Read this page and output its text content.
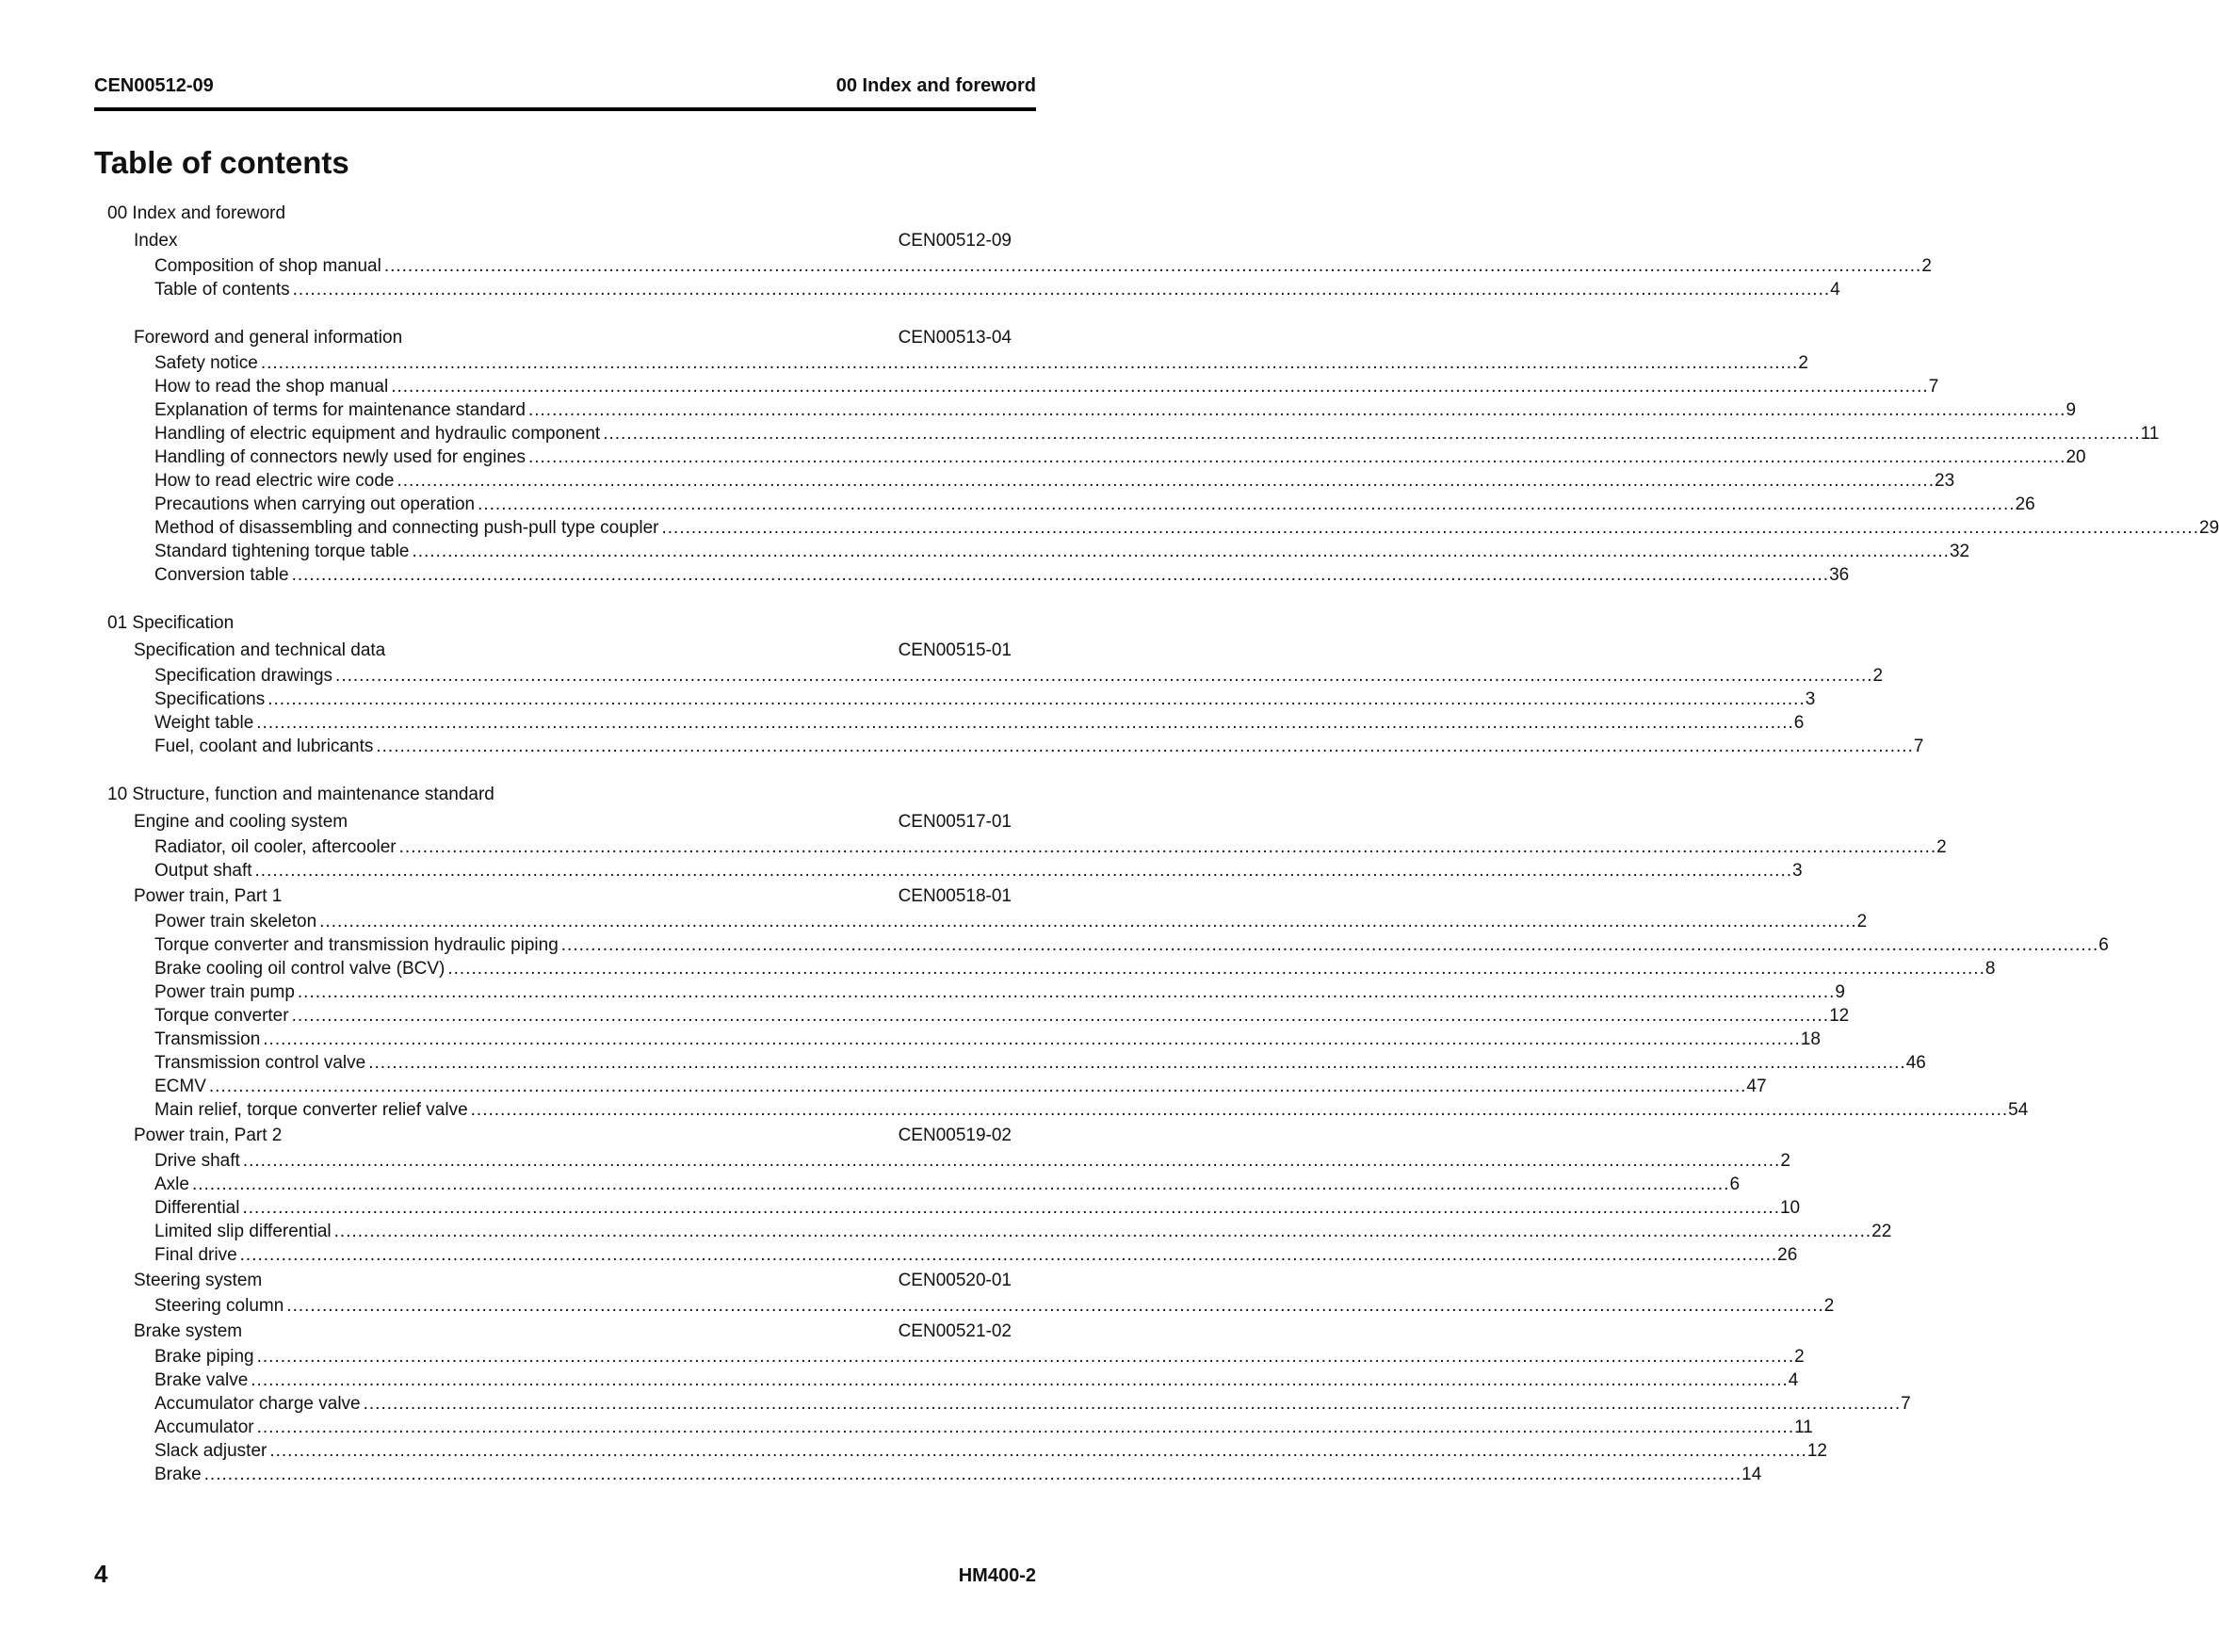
CEN00512-09	00 Index and foreword
Table of contents
00 Index and foreword
Index	CEN00512-09
Composition of shop manual .................................................................................................................................................................................................................................................................... 2
Table of contents .................................................................................................................................................................................................................................................................... 4
Foreword and general information	CEN00513-04
Safety notice .................................................................................................................................................................................................................................................................... 2
How to read the shop manual .................................................................................................................................................................................................................................................................... 7
Explanation of terms for maintenance standard .................................................................................................................................................................................................................................................................... 9
Handling of electric equipment and hydraulic component .................................................................................................................................................................................................................................................................... 11
Handling of connectors newly used for engines .................................................................................................................................................................................................................................................................... 20
How to read electric wire code .................................................................................................................................................................................................................................................................... 23
Precautions when carrying out operation .................................................................................................................................................................................................................................................................... 26
Method of disassembling and connecting push-pull type coupler .................................................................................................................................................................................................................................................................... 29
Standard tightening torque table .................................................................................................................................................................................................................................................................... 32
Conversion table .................................................................................................................................................................................................................................................................... 36
01 Specification
Specification and technical data	CEN00515-01
Specification drawings .................................................................................................................................................................................................................................................................... 2
Specifications .................................................................................................................................................................................................................................................................... 3
Weight table .................................................................................................................................................................................................................................................................... 6
Fuel, coolant and lubricants .................................................................................................................................................................................................................................................................... 7
10 Structure, function and maintenance standard
Engine and cooling system	CEN00517-01
Radiator, oil cooler, aftercooler .................................................................................................................................................................................................................................................................... 2
Output shaft .................................................................................................................................................................................................................................................................... 3
Power train, Part 1	CEN00518-01
Power train skeleton .................................................................................................................................................................................................................................................................... 2
Torque converter and transmission hydraulic piping .................................................................................................................................................................................................................................................................... 6
Brake cooling oil control valve (BCV) .................................................................................................................................................................................................................................................................... 8
Power train pump .................................................................................................................................................................................................................................................................... 9
Torque converter .................................................................................................................................................................................................................................................................... 12
Transmission .................................................................................................................................................................................................................................................................... 18
Transmission control valve .................................................................................................................................................................................................................................................................... 46
ECMV .................................................................................................................................................................................................................................................................... 47
Main relief, torque converter relief valve .................................................................................................................................................................................................................................................................... 54
Power train, Part 2	CEN00519-02
Drive shaft .................................................................................................................................................................................................................................................................... 2
Axle .................................................................................................................................................................................................................................................................... 6
Differential .................................................................................................................................................................................................................................................................... 10
Limited slip differential .................................................................................................................................................................................................................................................................... 22
Final drive .................................................................................................................................................................................................................................................................... 26
Steering system	CEN00520-01
Steering column .................................................................................................................................................................................................................................................................... 2
Brake system	CEN00521-02
Brake piping .................................................................................................................................................................................................................................................................... 2
Brake valve .................................................................................................................................................................................................................................................................... 4
Accumulator charge valve .................................................................................................................................................................................................................................................................... 7
Accumulator .................................................................................................................................................................................................................................................................... 11
Slack adjuster .................................................................................................................................................................................................................................................................... 12
Brake .................................................................................................................................................................................................................................................................... 14
4	HM400-2
